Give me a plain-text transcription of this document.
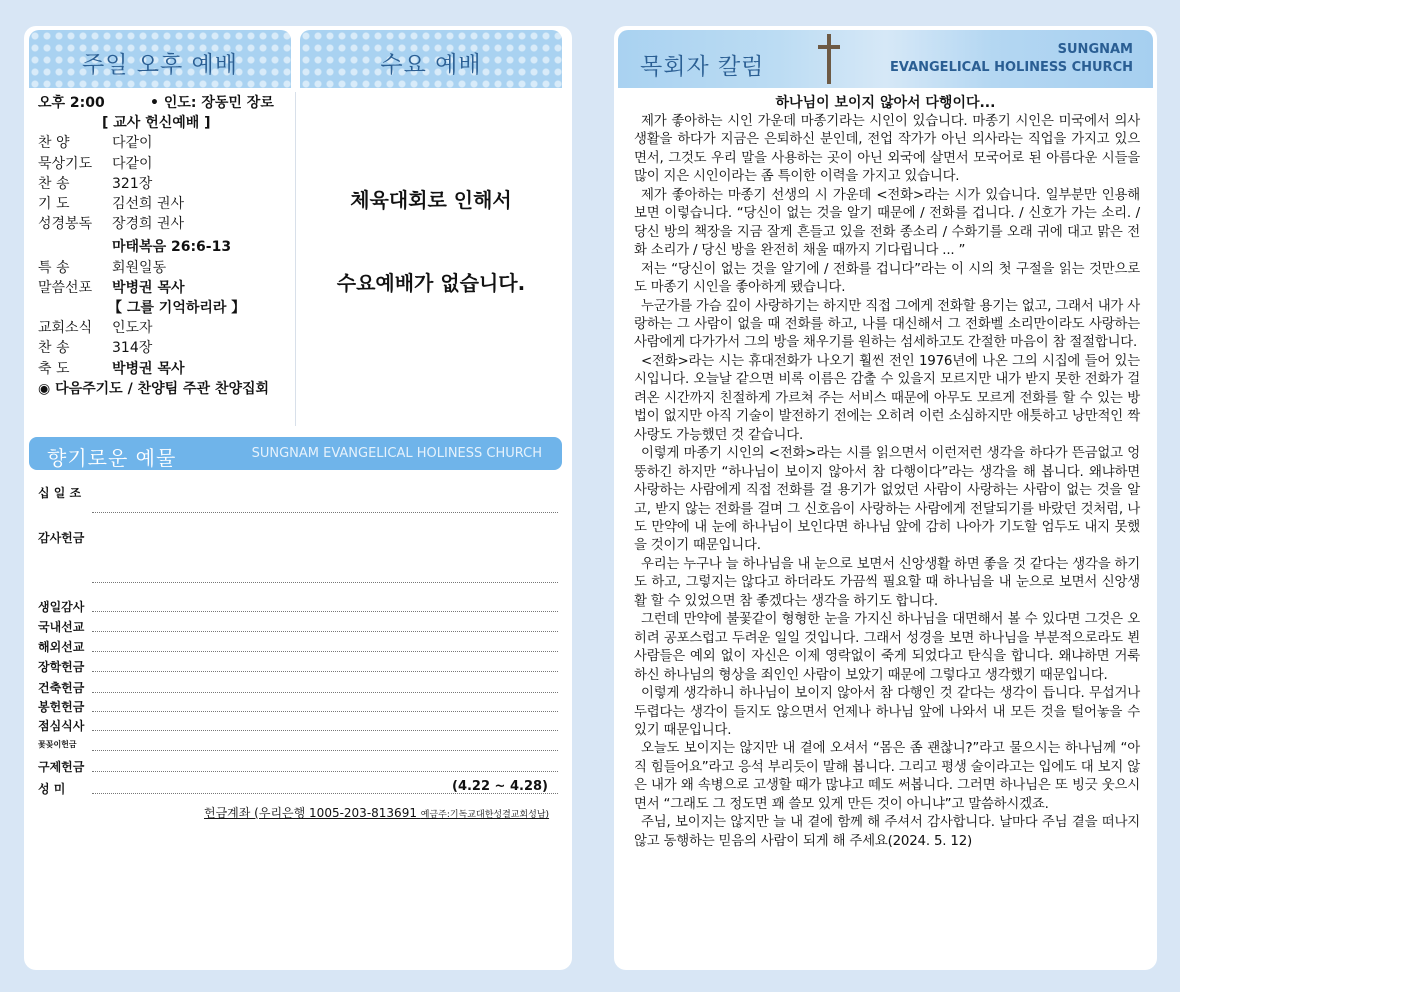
주일 오후 예배	수요 예배
오후 2:00	• 인도: 장동민 장로
[ 교사 헌신예배 ]
찬 양	다같이
묵상기도	다같이
찬 송	321장
기 도	김선희 권사
성경봉독	장경희 권사
마태복음 26:6-13
특 송	회원일동
말씀선포	박병권 목사
【 그를 기억하리라 】
교회소식	인도자
찬 송	314장
축 도	박병권 목사
◉ 다음주기도 / 찬양팀 주관 찬양집회
체육대회로 인해서
수요예배가 없습니다.
향기로운 예물	SUNGNAM EVANGELICAL HOLINESS CHURCH
십 일 조
감사헌금
생일감사
국내선교
해외선교
장학헌금
건축헌금
봉헌헌금
점심식사
꽃꽂이헌금
구제헌금
성 미	(4.22 ~ 4.28)
헌금계좌 (우리은행 1005-203-813691 예금주:기독교대한성결교회성남)
목회자 칼럼
SUNGNAM
EVANGELICAL HOLINESS CHURCH
하나님이 보이지 않아서 다행이다...

제가 좋아하는 시인 가운데 마종기라는 시인이 있습니다. 마종기 시인은 미국에서 의사 생활을 하다가 지금은 은퇴하신 분인데, 전업 작가가 아닌 의사라는 직업을 가지고 있으면서, 그것도 우리 말을 사용하는 곳이 아닌 외국에 살면서 모국어로 된 아름다운 시들을 많이 지은 시인이라는 좀 특이한 이력을 가지고 있습니다.

제가 좋아하는 마종기 선생의 시 가운데 <전화>라는 시가 있습니다. 일부분만 인용해 보면 이렇습니다. “당신이 없는 것을 알기 때문에 / 전화를 겁니다. / 신호가 가는 소리. / 당신 방의 책장을 지금 잘게 흔들고 있을 전화 종소리 / 수화기를 오래 귀에 대고 맑은 전화 소리가 / 당신 방을 완전히 채울 때까지 기다립니다 ... ”

저는 “당신이 없는 것을 알기에 / 전화를 겁니다”라는 이 시의 첫 구절을 읽는 것만으로도 마종기 시인을 좋아하게 됐습니다.

누군가를 가슴 깊이 사랑하기는 하지만 직접 그에게 전화할 용기는 없고, 그래서 내가 사랑하는 그 사람이 없을 때 전화를 하고, 나를 대신해서 그 전화벨 소리만이라도 사랑하는 사람에게 다가가서 그의 방을 채우기를 원하는 섬세하고도 간절한 마음이 참 절절합니다.

<전화>라는 시는 휴대전화가 나오기 훨씬 전인 1976년에 나온 그의 시집에 들어 있는 시입니다. 오늘날 같으면 비록 이름은 감출 수 있을지 모르지만 내가 받지 못한 전화가 걸려온 시간까지 친절하게 가르쳐 주는 서비스 때문에 아무도 모르게 전화를 할 수 있는 방법이 없지만 아직 기술이 발전하기 전에는 오히려 이런 소심하지만 애틋하고 낭만적인 짝사랑도 가능했던 것 같습니다.

이렇게 마종기 시인의 <전화>라는 시를 읽으면서 이런저런 생각을 하다가 뜬금없고 엉뚱하긴 하지만 “하나님이 보이지 않아서 참 다행이다”라는 생각을 해 봅니다. 왜냐하면 사랑하는 사람에게 직접 전화를 걸 용기가 없었던 사람이 사랑하는 사람이 없는 것을 알고, 받지 않는 전화를 걸며 그 신호음이 사랑하는 사람에게 전달되기를 바랐던 것처럼, 나도 만약에 내 눈에 하나님이 보인다면 하나님 앞에 감히 나아가 기도할 엄두도 내지 못했을 것이기 때문입니다.

우리는 누구나 늘 하나님을 내 눈으로 보면서 신앙생활 하면 좋을 것 같다는 생각을 하기도 하고, 그렇지는 않다고 하더라도 가끔씩 필요할 때 하나님을 내 눈으로 보면서 신앙생활 할 수 있었으면 참 좋겠다는 생각을 하기도 합니다.

그런데 만약에 불꽃같이 형형한 눈을 가지신 하나님을 대면해서 볼 수 있다면 그것은 오히려 공포스럽고 두려운 일일 것입니다. 그래서 성경을 보면 하나님을 부분적으로라도 뵌 사람들은 예외 없이 자신은 이제 영락없이 죽게 되었다고 탄식을 합니다. 왜냐하면 거룩하신 하나님의 형상을 죄인인 사람이 보았기 때문에 그렇다고 생각했기 때문입니다.

이렇게 생각하니 하나님이 보이지 않아서 참 다행인 것 같다는 생각이 듭니다. 무섭거나 두렵다는 생각이 들지도 않으면서 언제나 하나님 앞에 나와서 내 모든 것을 털어놓을 수 있기 때문입니다.

오늘도 보이지는 않지만 내 곁에 오셔서 “몸은 좀 괜찮니?”라고 물으시는 하나님께 “아직 힘들어요”라고 응석 부리듯이 말해 봅니다. 그리고 평생 술이라고는 입에도 대 보지 않은 내가 왜 속병으로 고생할 때가 많냐고 떼도 써봅니다. 그러면 하나님은 또 빙긋 웃으시면서 “그래도 그 정도면 꽤 쓸모 있게 만든 것이 아니냐”고 말씀하시겠죠.

주님, 보이지는 않지만 늘 내 곁에 함께 해 주셔서 감사합니다. 날마다 주님 곁을 떠나지 않고 동행하는 믿음의 사람이 되게 해 주세요(2024. 5. 12)
